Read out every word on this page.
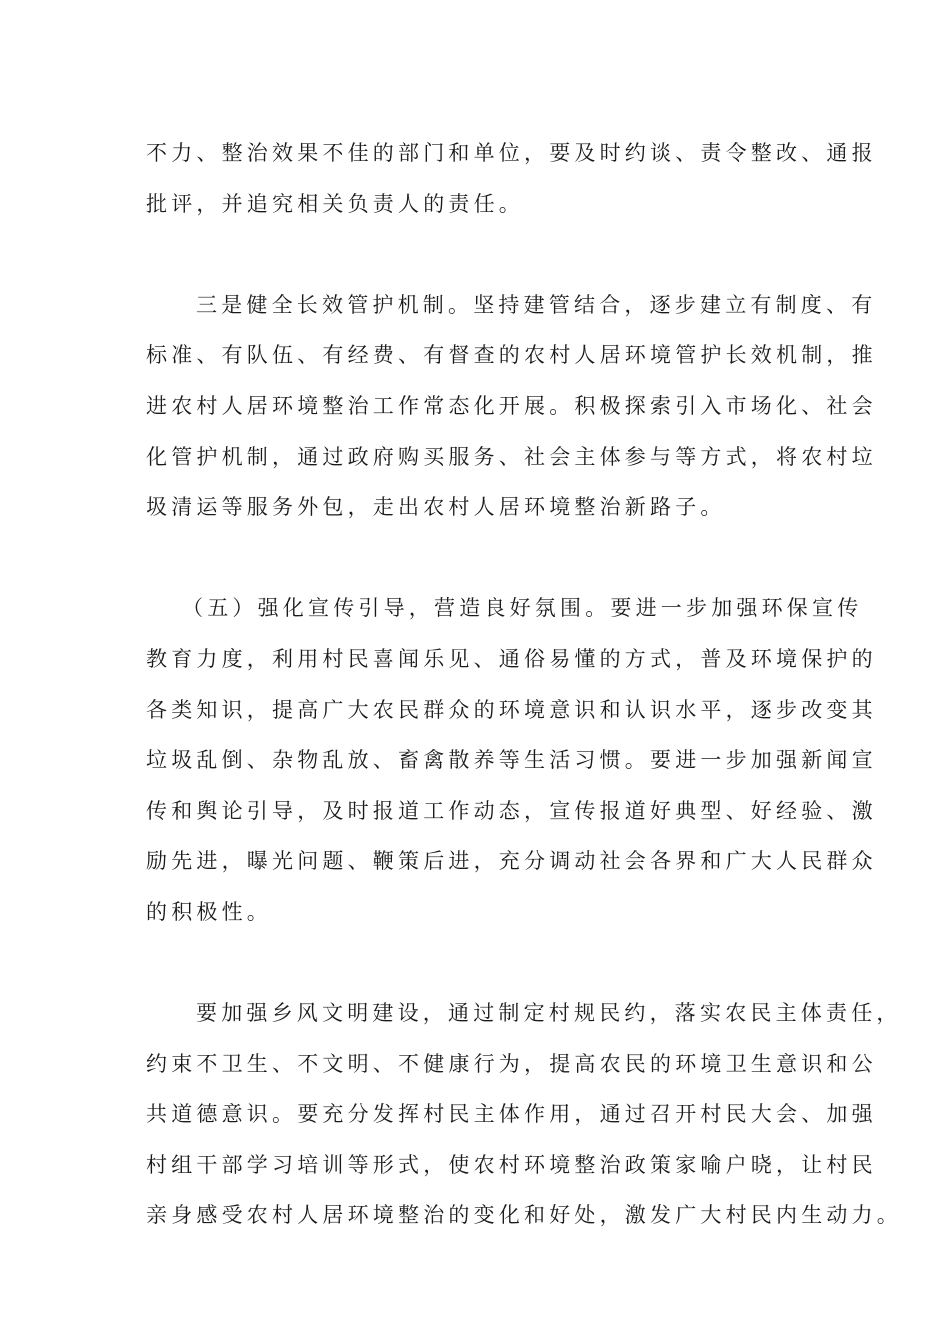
不力、整治效果不佳的部门和单位，要及时约谈、责令整改、通报
批评，并追究相关负责人的责任。
三是健全长效管护机制。坚持建管结合，逐步建立有制度、有
标准、有队伍、有经费、有督查的农村人居环境管护长效机制，推
进农村人居环境整治工作常态化开展。积极探索引入市场化、社会
化管护机制，通过政府购买服务、社会主体参与等方式，将农村垃
圾清运等服务外包，走出农村人居环境整治新路子。
（五）强化宣传引导，营造良好氛围。要进一步加强环保宣传
教育力度，利用村民喜闻乐见、通俗易懂的方式，普及环境保护的
各类知识，提高广大农民群众的环境意识和认识水平，逐步改变其
垃圾乱倒、杂物乱放、畜禽散养等生活习惯。要进一步加强新闻宣
传和舆论引导，及时报道工作动态，宣传报道好典型、好经验、激
励先进，曝光问题、鞭策后进，充分调动社会各界和广大人民群众
的积极性。
要加强乡风文明建设，通过制定村规民约，落实农民主体责任，
约束不卫生、不文明、不健康行为，提高农民的环境卫生意识和公
共道德意识。要充分发挥村民主体作用，通过召开村民大会、加强
村组干部学习培训等形式，使农村环境整治政策家喻户晓，让村民
亲身感受农村人居环境整治的变化和好处，激发广大村民内生动力。
